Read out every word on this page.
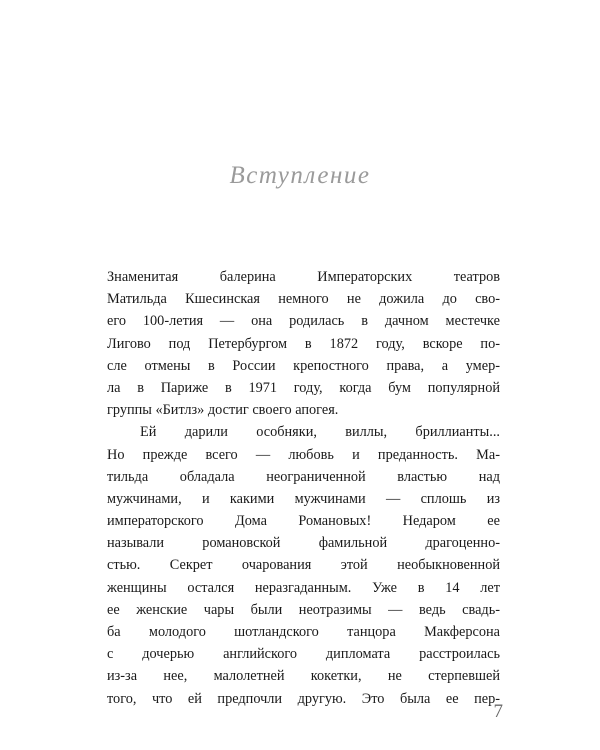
Вступление
Знаменитая балерина Императорских театров
Матильда Кшесинская немного не дожила до сво-
его 100-летия — она родилась в дачном местечке
Лигово под Петербургом в 1872 году, вскоре по-
сле отмены в России крепостного права, а умер-
ла в Париже в 1971 году, когда бум популярной
группы «Битлз» достиг своего апогея.
Ей дарили особняки, виллы, бриллианты...
Но прежде всего — любовь и преданность. Ма-
тильда обладала неограниченной властью над
мужчинами, и какими мужчинами — сплошь из
императорского Дома Романовых! Недаром ее
называли романовской фамильной драгоценно-
стью. Секрет очарования этой необыкновенной
женщины остался неразгаданным. Уже в 14 лет
ее женские чары были неотразимы — ведь свадь-
ба молодого шотландского танцора Макферсона
с дочерью английского дипломата расстроилась
из-за нее, малолетней кокетки, не стерпевшей
того, что ей предпочли другую. Это была ее пер-

7
